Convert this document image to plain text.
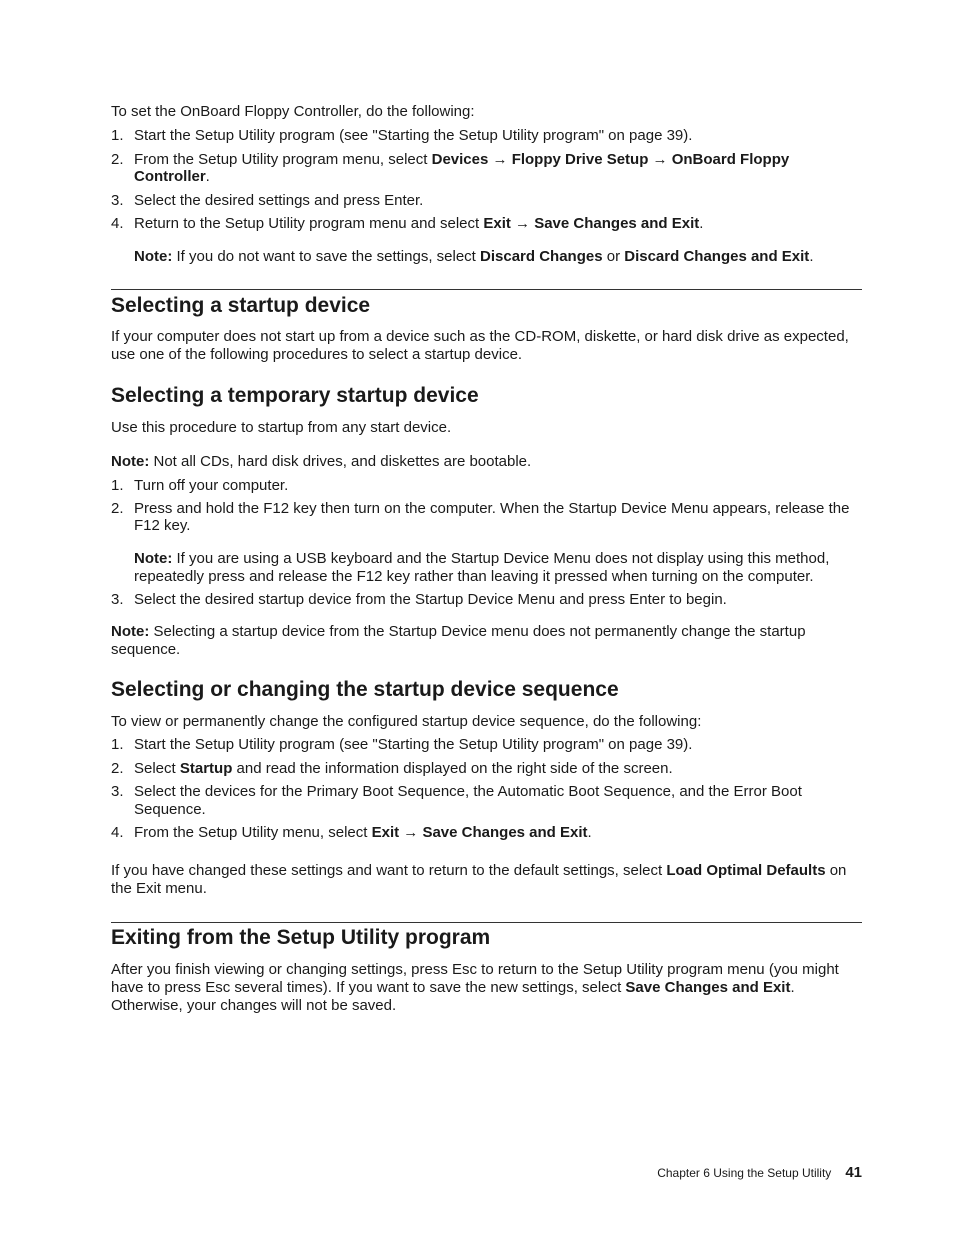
To set the OnBoard Floppy Controller, do the following:

1. Start the Setup Utility program (see "Starting the Setup Utility program" on page 39).
2. From the Setup Utility program menu, select Devices → Floppy Drive Setup → OnBoard Floppy Controller.
3. Select the desired settings and press Enter.
4. Return to the Setup Utility program menu and select Exit → Save Changes and Exit.

Note: If you do not want to save the settings, select Discard Changes or Discard Changes and Exit.

Selecting a startup device

If your computer does not start up from a device such as the CD-ROM, diskette, or hard disk drive as expected, use one of the following procedures to select a startup device.

Selecting a temporary startup device

Use this procedure to startup from any start device.

Note: Not all CDs, hard disk drives, and diskettes are bootable.

1. Turn off your computer.
2. Press and hold the F12 key then turn on the computer. When the Startup Device Menu appears, release the F12 key.

Note: If you are using a USB keyboard and the Startup Device Menu does not display using this method, repeatedly press and release the F12 key rather than leaving it pressed when turning on the computer.

3. Select the desired startup device from the Startup Device Menu and press Enter to begin.

Note: Selecting a startup device from the Startup Device menu does not permanently change the startup sequence.

Selecting or changing the startup device sequence

To view or permanently change the configured startup device sequence, do the following:

1. Start the Setup Utility program (see "Starting the Setup Utility program" on page 39).
2. Select Startup and read the information displayed on the right side of the screen.
3. Select the devices for the Primary Boot Sequence, the Automatic Boot Sequence, and the Error Boot Sequence.
4. From the Setup Utility menu, select Exit → Save Changes and Exit.

If you have changed these settings and want to return to the default settings, select Load Optimal Defaults on the Exit menu.

Exiting from the Setup Utility program

After you finish viewing or changing settings, press Esc to return to the Setup Utility program menu (you might have to press Esc several times). If you want to save the new settings, select Save Changes and Exit. Otherwise, your changes will not be saved.

Chapter 6 Using the Setup Utility 41
